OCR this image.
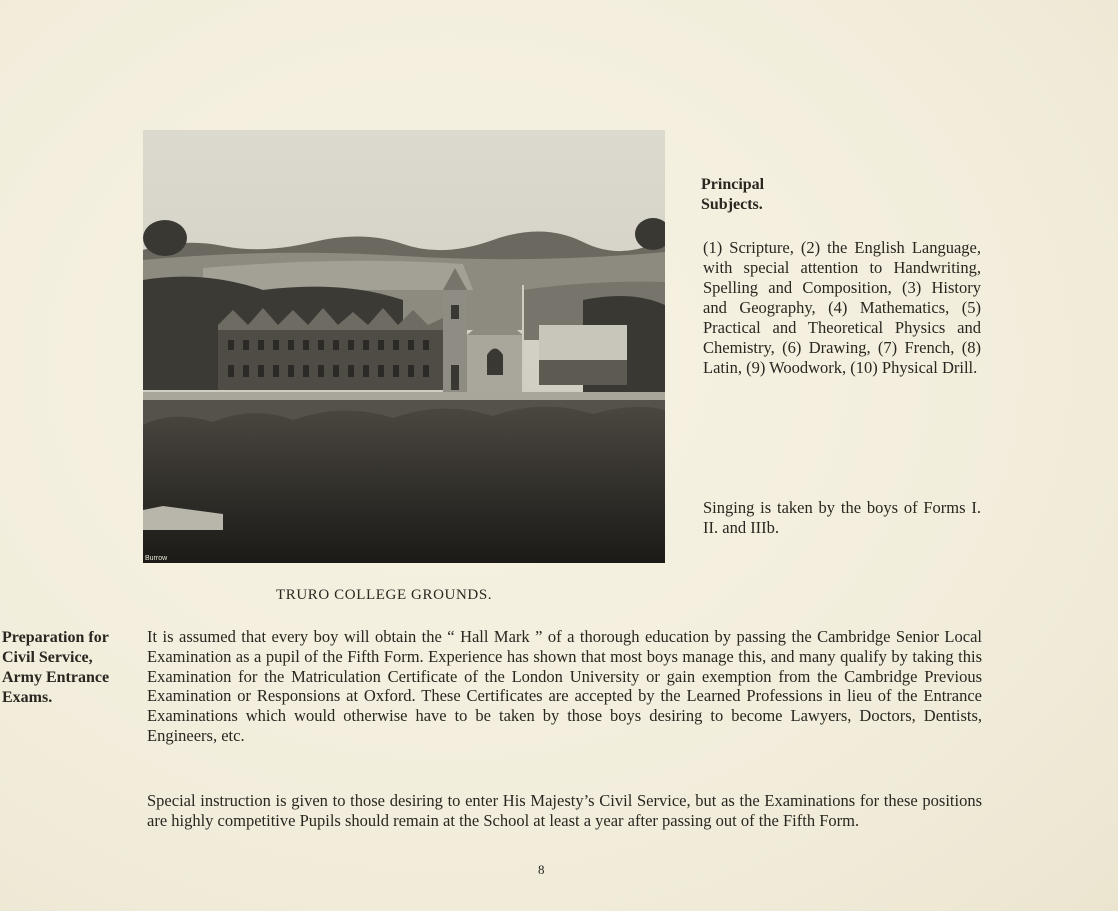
Burrow
TRURO COLLEGE GROUNDS.
Principal Subjects.
(1) Scripture, (2) the English Language, with special attention to Handwriting, Spelling and Composition, (3) History and Geography, (4) Mathematics, (5) Practical and Theoretical Physics and Chemistry, (6) Drawing, (7) French, (8) Latin, (9) Woodwork, (10) Physical Drill.
Singing is taken by the boys of Forms I. II. and IIIb.
Preparation for Civil Service, Army Entrance Exams.
It is assumed that every boy will obtain the “ Hall Mark ” of a thorough education by passing the Cambridge Senior Local Examination as a pupil of the Fifth Form. Experience has shown that most boys manage this, and many qualify by taking this Examination for the Matriculation Certificate of the London University or gain exemption from the Cambridge Previous Examination or Responsions at Oxford. These Certificates are accepted by the Learned Professions in lieu of the Entrance Examinations which would otherwise have to be taken by those boys desiring to become Lawyers, Doctors, Dentists, Engineers, etc.
Special instruction is given to those desiring to enter His Majesty’s Civil Service, but as the Examinations for these positions are highly competitive Pupils should remain at the School at least a year after passing out of the Fifth Form.
8
